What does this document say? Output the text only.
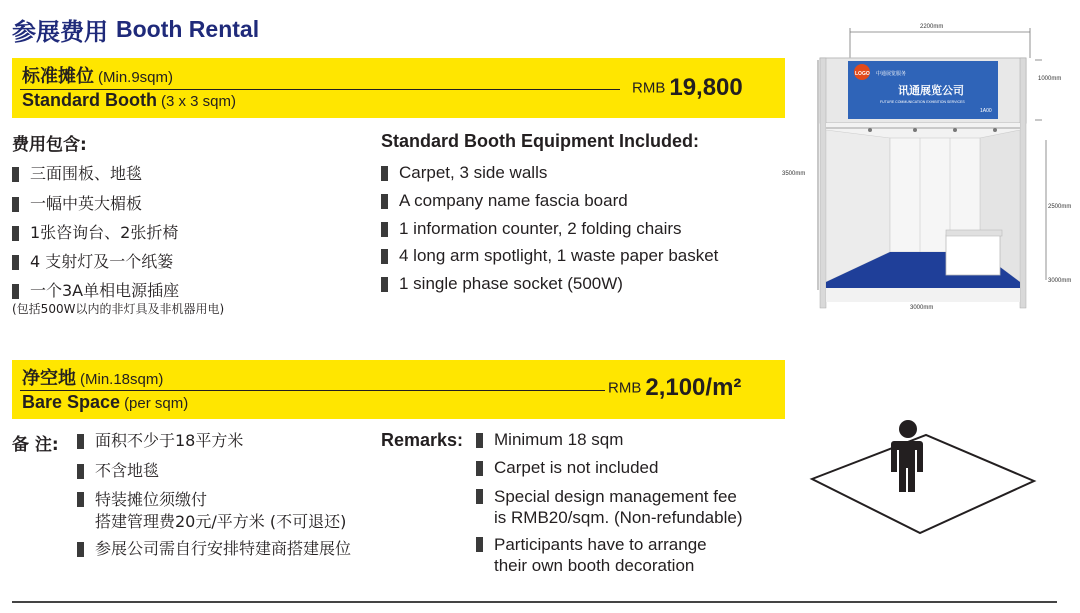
参展费用 Booth Rental
标准摊位 (Min.9sqm)
Standard Booth (3 x 3 sqm)
RMB 19,800
费用包含:
三面围板、地毯
一幅中英大楣板
1张咨询台、2张折椅
4 支射灯及一个纸篓
一个3A单相电源插座
(包括500W以内的非灯具及非机器用电)
Standard Booth Equipment Included:
Carpet, 3 side walls
A company name fascia board
1 information counter, 2 folding chairs
4 long arm spotlight, 1 waste paper basket
1 single phase socket (500W)
2200mm
3500mm
1000mm
2500mm
3000mm
3000mm
LOGO 中通展览服务
讯通展览公司
FUTURE COMMUNICATION EXHIBITION SERVICES
1A00
净空地 (Min.18sqm)
Bare Space (per sqm)
RMB 2,100/m²
备 注:	面积不少于18平方米
不含地毯
特装摊位须缴付
搭建管理费20元/平方米 (不可退还)
参展公司需自行安排特建商搭建展位
Remarks:	Minimum 18 sqm
Carpet is not included
Special design management fee
is RMB20/sqm. (Non-refundable)
Participants have to arrange
their own booth decoration
